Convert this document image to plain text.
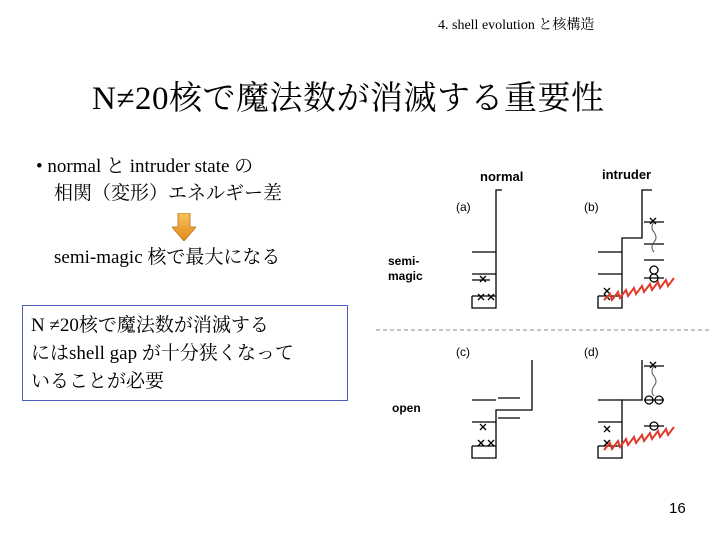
4. shell evolution と核構造
N≠20核で魔法数が消滅する重要性
• normal と intruder state の
相関（変形）エネルギー差
semi-magic 核で最大になる
N ≠20核で魔法数が消滅する
にはshell gap が十分狭くなって
いることが必要
normal	intruder
(a)	(b)
(c)	(d)
semi-
magic
open
16
